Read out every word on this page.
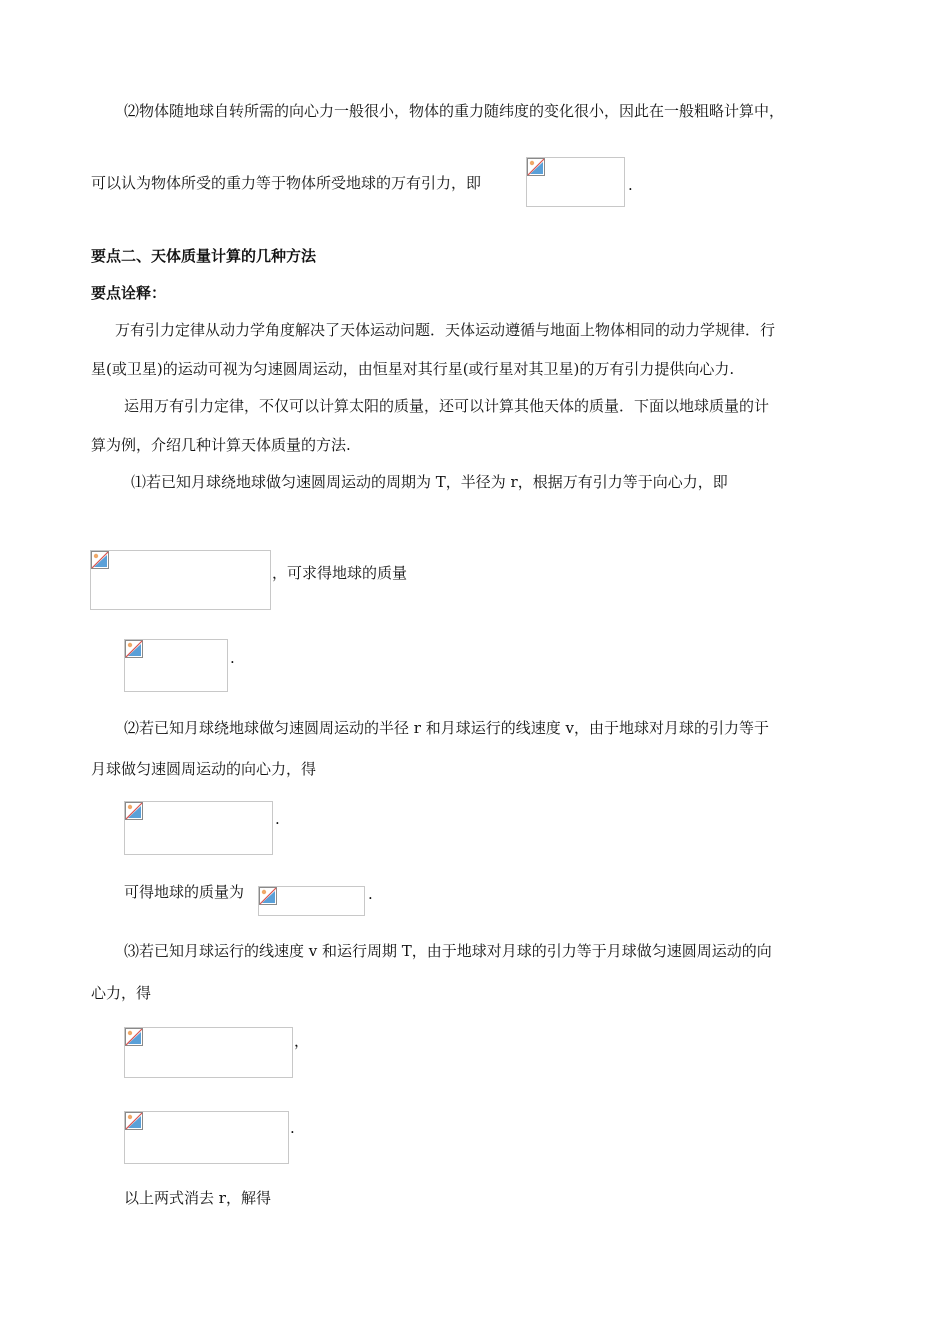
⑵物体随地球自转所需的向心力一般很小，物体的重力随纬度的变化很小，因此在一般粗略计算中，
可以认为物体所受的重力等于物体所受地球的万有引力，即	.
要点二、天体质量计算的几种方法
要点诠释：
万有引力定律从动力学角度解决了天体运动问题．天体运动遵循与地面上物体相同的动力学规律．行
星(或卫星)的运动可视为匀速圆周运动，由恒星对其行星(或行星对其卫星)的万有引力提供向心力.
运用万有引力定律，不仅可以计算太阳的质量，还可以计算其他天体的质量．下面以地球质量的计
算为例，介绍几种计算天体质量的方法.
⑴若已知月球绕地球做匀速圆周运动的周期为 T，半径为 r，根据万有引力等于向心力，即
，可求得地球的质量
.
⑵若已知月球绕地球做匀速圆周运动的半径 r 和月球运行的线速度 v，由于地球对月球的引力等于
月球做匀速圆周运动的向心力，得
.
可得地球的质量为	.
⑶若已知月球运行的线速度 v 和运行周期 T，由于地球对月球的引力等于月球做匀速圆周运动的向
心力，得
，
.
以上两式消去 r，解得
